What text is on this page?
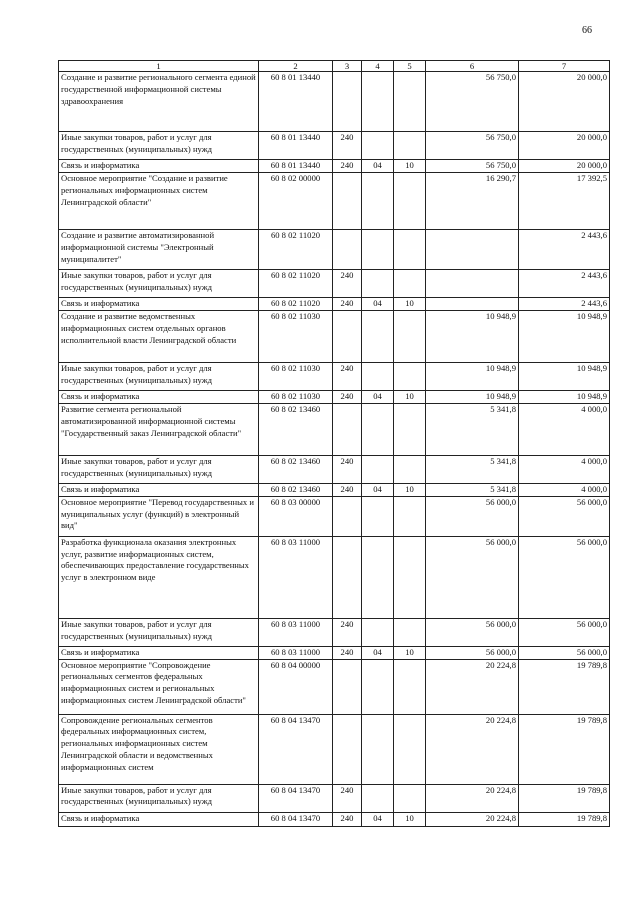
66
1	2	3	4	5	6	7
Создание и развитие регионального сегмента единой государственной информационной системы здравоохранения	60 8 01 13440				56 750,0	20 000,0
Иные закупки товаров, работ и услуг для государственных (муниципальных) нужд	60 8 01 13440	240			56 750,0	20 000,0
Связь и информатика	60 8 01 13440	240	04	10	56 750,0	20 000,0
Основное мероприятие "Создание и развитие региональных информационных систем Ленинградской области"	60 8 02 00000				16 290,7	17 392,5
Создание и развитие автоматизированной информационной системы "Электронный муниципалитет"	60 8 02 11020					2 443,6
Иные закупки товаров, работ и услуг для государственных (муниципальных) нужд	60 8 02 11020	240				2 443,6
Связь и информатика	60 8 02 11020	240	04	10		2 443,6
Создание и развитие ведомственных информационных систем отдельных органов исполнительной власти Ленинградской области	60 8 02 11030				10 948,9	10 948,9
Иные закупки товаров, работ и услуг для государственных (муниципальных) нужд	60 8 02 11030	240			10 948,9	10 948,9
Связь и информатика	60 8 02 11030	240	04	10	10 948,9	10 948,9
Развитие сегмента региональной автоматизированной информационной системы "Государственный заказ Ленинградской области"	60 8 02 13460				5 341,8	4 000,0
Иные закупки товаров, работ и услуг для государственных (муниципальных) нужд	60 8 02 13460	240			5 341,8	4 000,0
Связь и информатика	60 8 02 13460	240	04	10	5 341,8	4 000,0
Основное мероприятие "Перевод государственных и муниципальных услуг (функций) в электронный вид"	60 8 03 00000				56 000,0	56 000,0
Разработка функционала оказания электронных услуг, развитие информационных систем, обеспечивающих предоставление государственных услуг в электронном виде	60 8 03 11000				56 000,0	56 000,0
Иные закупки товаров, работ и услуг для государственных (муниципальных) нужд	60 8 03 11000	240			56 000,0	56 000,0
Связь и информатика	60 8 03 11000	240	04	10	56 000,0	56 000,0
Основное мероприятие "Сопровождение региональных сегментов федеральных информационных систем и региональных информационных систем Ленинградской области"	60 8 04 00000				20 224,8	19 789,8
Сопровождение региональных сегментов федеральных информационных систем, региональных информационных систем Ленинградской области и ведомственных информационных систем	60 8 04 13470				20 224,8	19 789,8
Иные закупки товаров, работ и услуг для государственных (муниципальных) нужд	60 8 04 13470	240			20 224,8	19 789,8
Связь и информатика	60 8 04 13470	240	04	10	20 224,8	19 789,8
